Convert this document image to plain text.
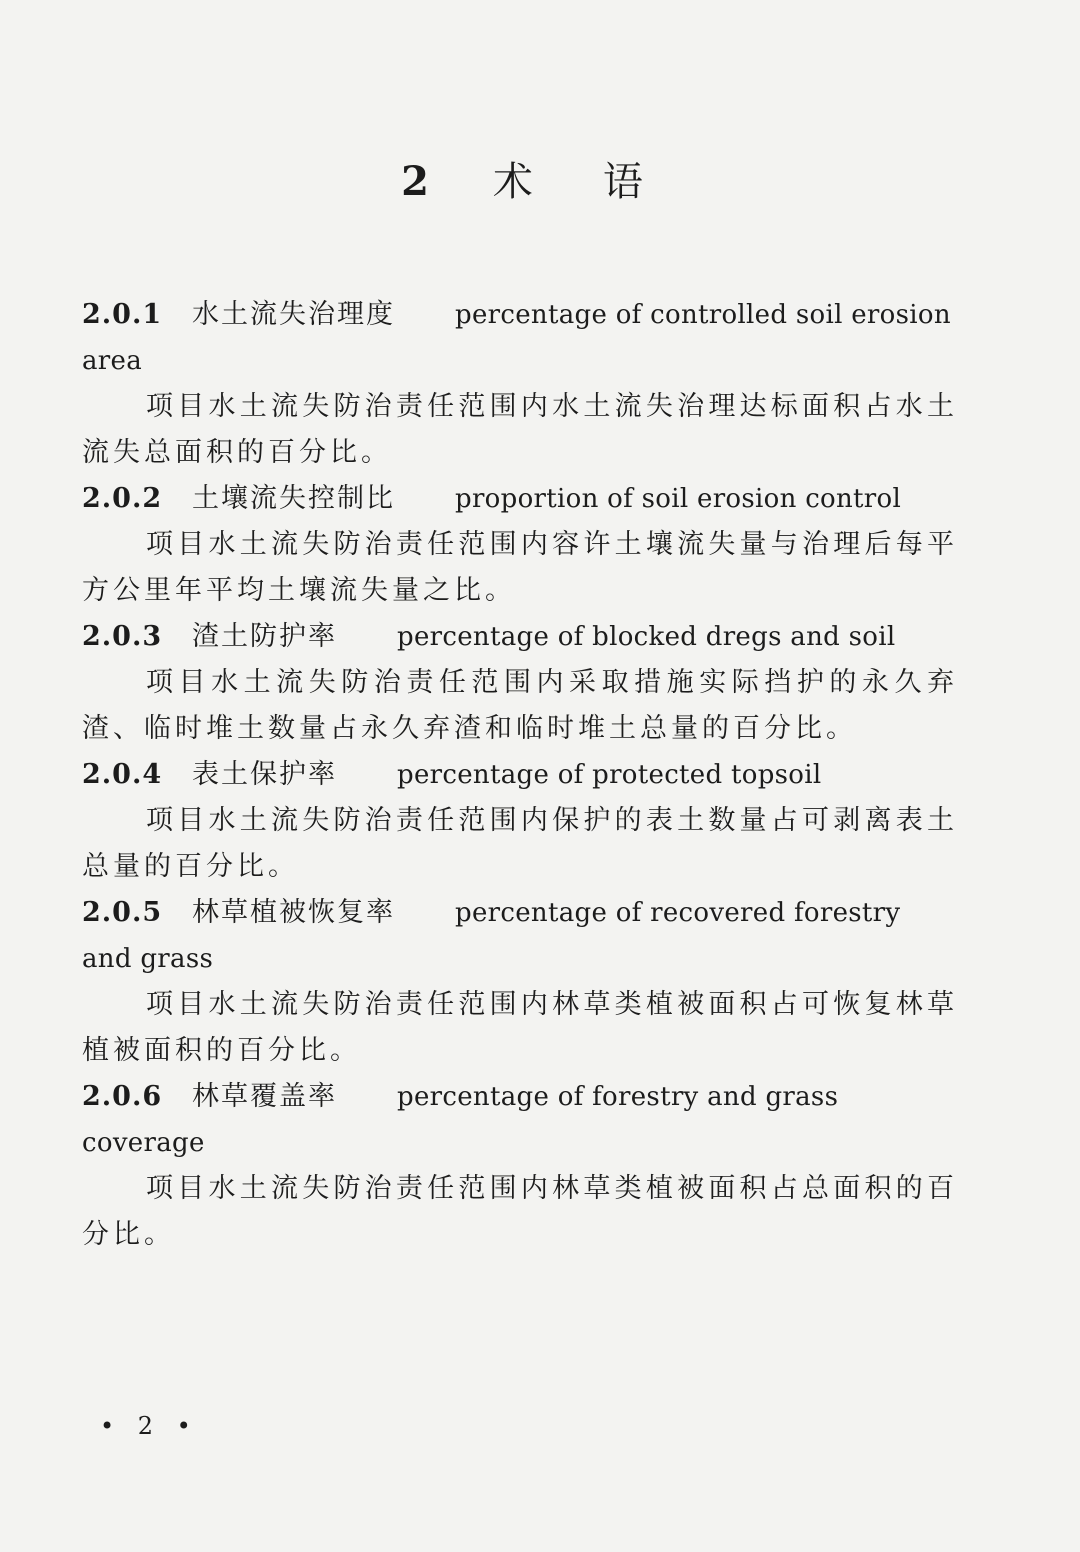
2 术 语
2.0.1 水土流失治理度 percentage of controlled soil erosion area

项目水土流失防治责任范围内水土流失治理达标面积占水土流失总面积的百分比。

2.0.2 土壤流失控制比 proportion of soil erosion control

项目水土流失防治责任范围内容许土壤流失量与治理后每平方公里年平均土壤流失量之比。

2.0.3 渣土防护率 percentage of blocked dregs and soil

项目水土流失防治责任范围内采取措施实际挡护的永久弃渣、临时堆土数量占永久弃渣和临时堆土总量的百分比。

2.0.4 表土保护率 percentage of protected topsoil

项目水土流失防治责任范围内保护的表土数量占可剥离表土总量的百分比。

2.0.5 林草植被恢复率 percentage of recovered forestry and grass

项目水土流失防治责任范围内林草类植被面积占可恢复林草植被面积的百分比。

2.0.6 林草覆盖率 percentage of forestry and grass coverage

项目水土流失防治责任范围内林草类植被面积占总面积的百分比。

• 2 •
